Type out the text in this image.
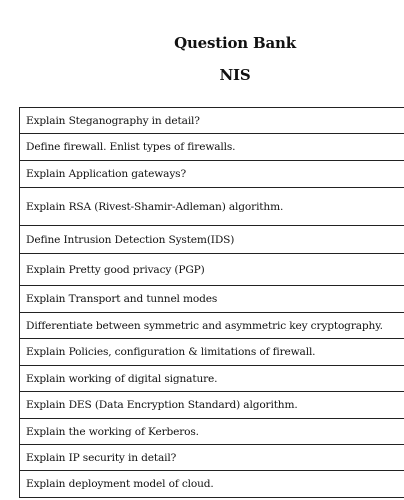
Question Bank
NIS
Explain Steganography in detail?
Define firewall. Enlist types of firewalls.
Explain Application gateways?
Explain RSA (Rivest-Shamir-Adleman) algorithm.
Define Intrusion Detection System(IDS)
Explain Pretty good privacy (PGP)
Explain Transport and tunnel modes
Differentiate between symmetric and asymmetric key cryptography.
Explain Policies, configuration & limitations of firewall.
Explain working of digital signature.
Explain DES (Data Encryption Standard) algorithm.
Explain the working of Kerberos.
Explain IP security in detail?
Explain deployment model of cloud.
